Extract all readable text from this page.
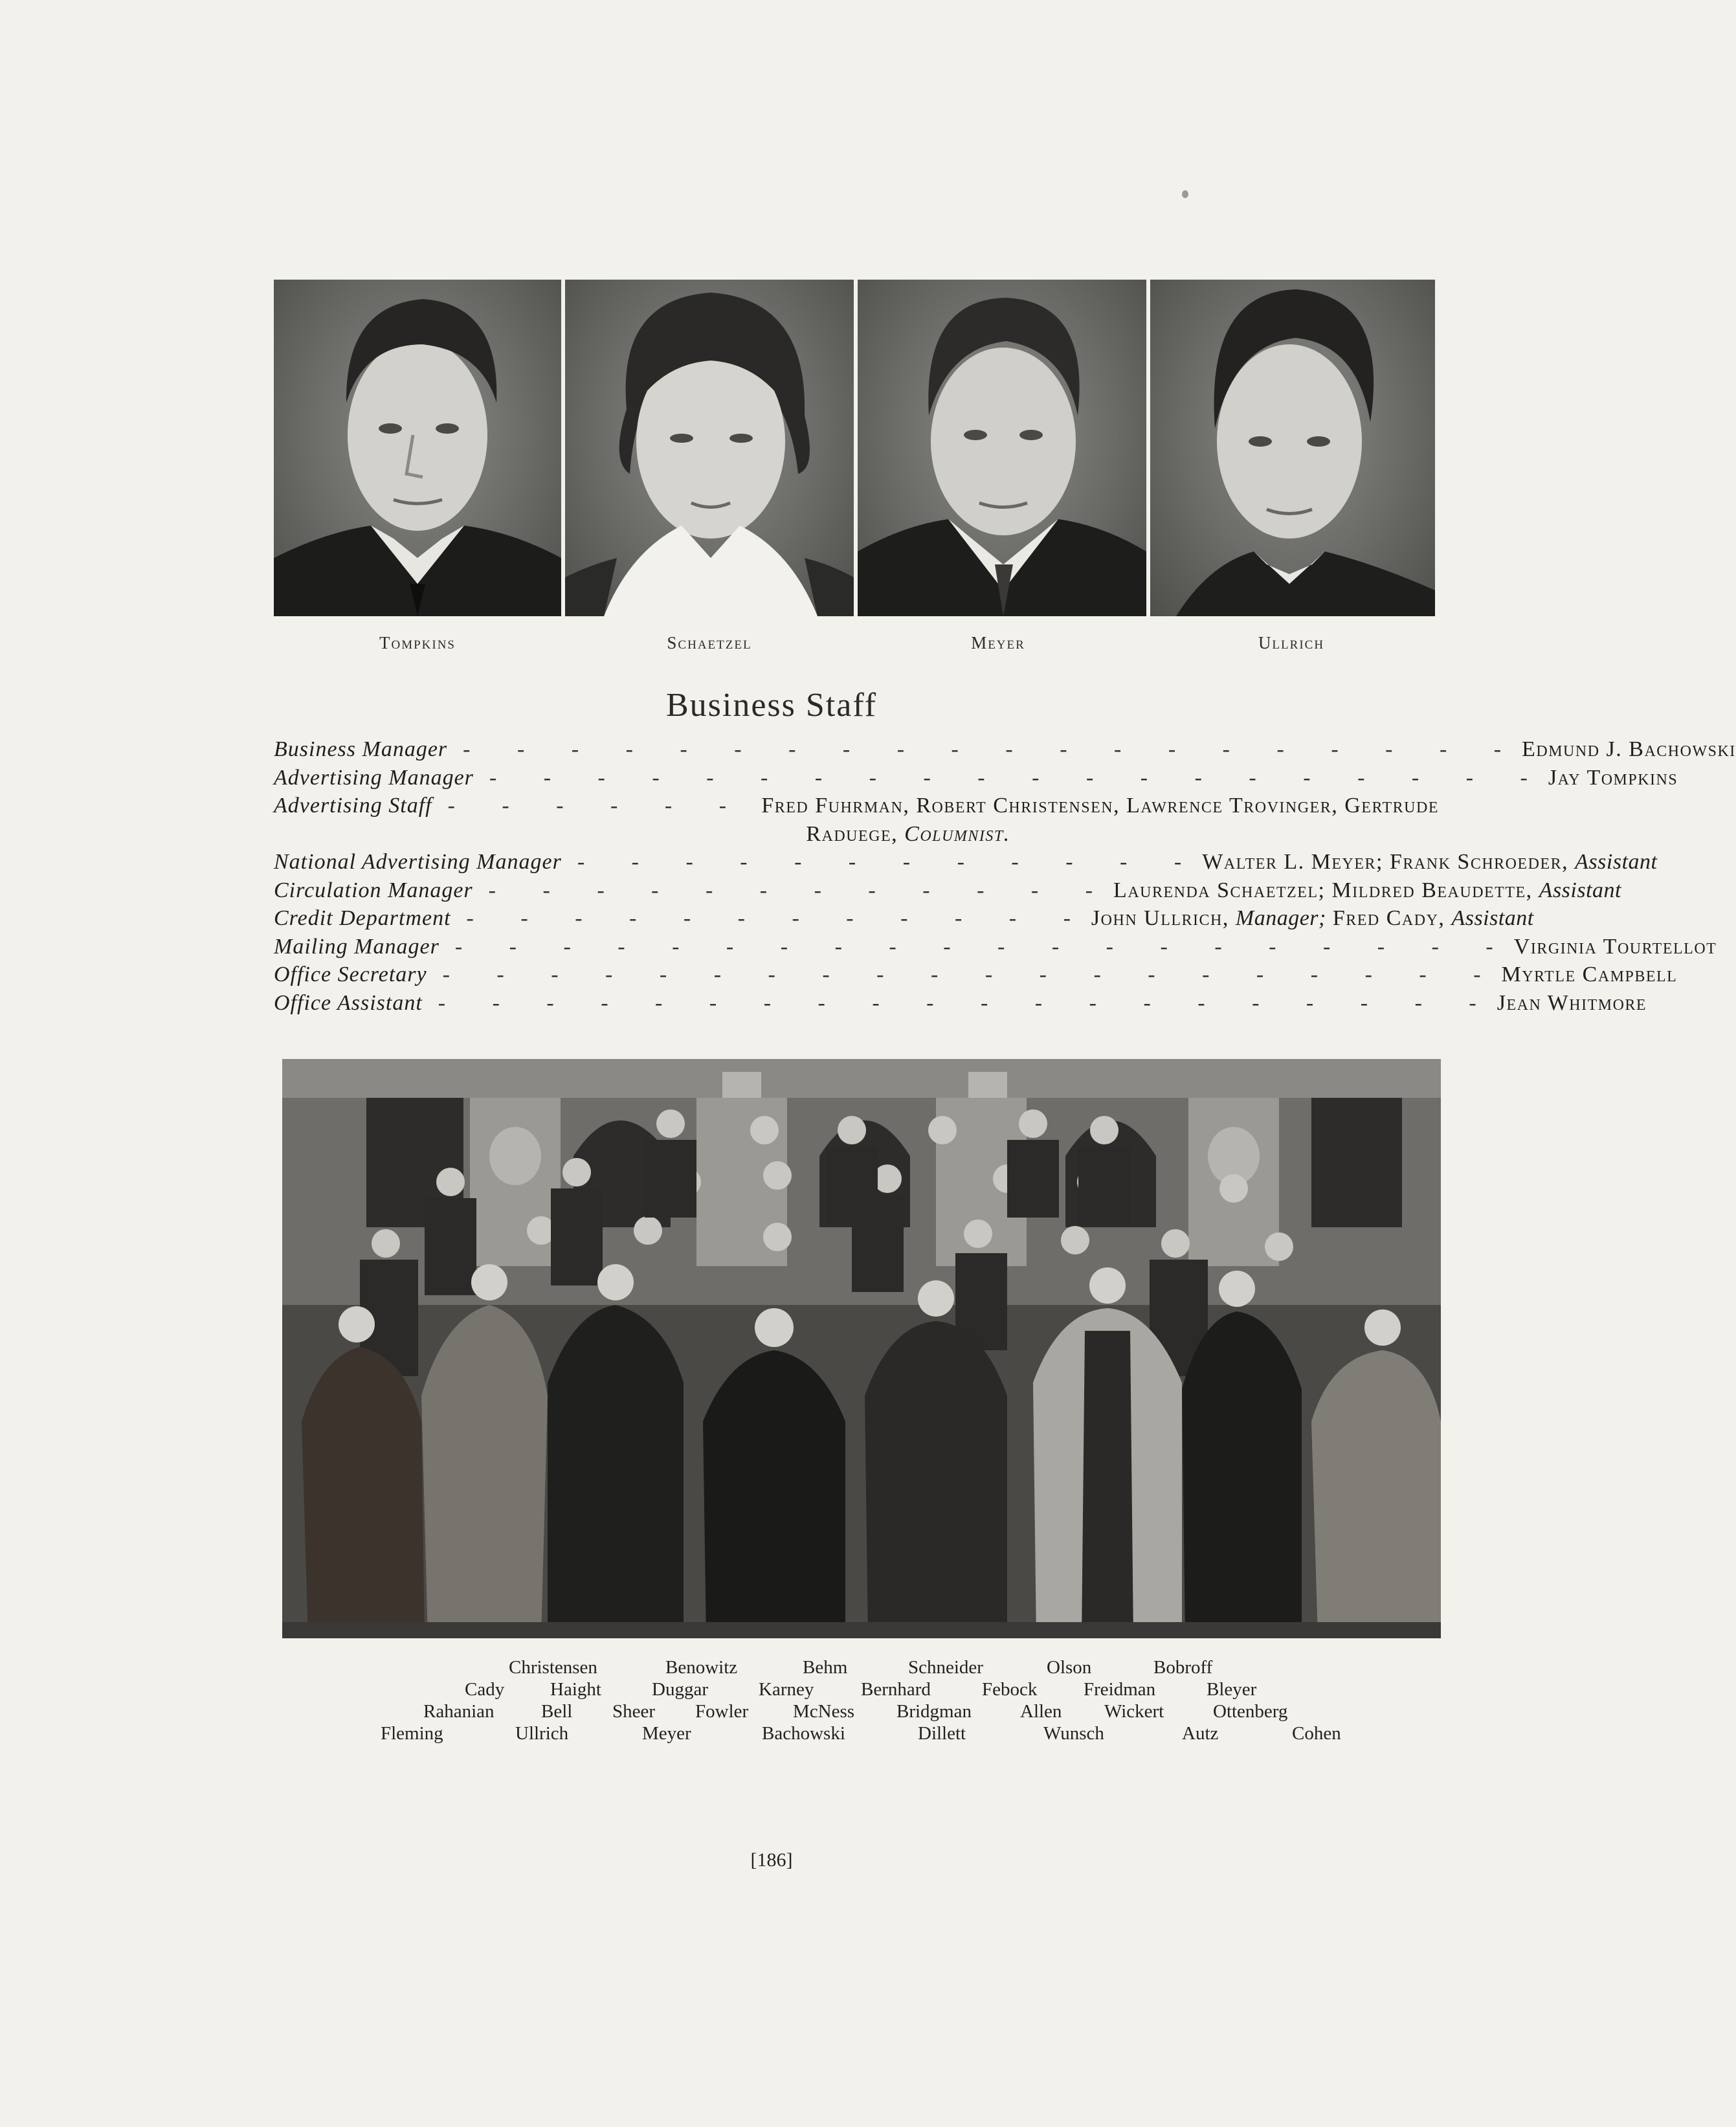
Tompkins	Schaetzel	Meyer	Ullrich
Business Staff
Business Manager - - - - - - - - - - - - - - - - - - - - Edmund J. Bachowski
Advertising Manager - - - - - - - - - - - - - - - - - - - - Jay Tompkins
Advertising Staff - - - - - - Fred Fuhrman, Robert Christensen, Lawrence Trovinger, Gertrude
Raduege, Columnist.
National Advertising Manager - - - - - - - - - - - - Walter L. Meyer; Frank Schroeder, Assistant
Circulation Manager - - - - - - - - - - - - Laurenda Schaetzel; Mildred Beaudette, Assistant
Credit Department - - - - - - - - - - - - John Ullrich, Manager; Fred Cady, Assistant
Mailing Manager - - - - - - - - - - - - - - - - - - - - Virginia Tourtellot
Office Secretary - - - - - - - - - - - - - - - - - - - - Myrtle Campbell
Office Assistant - - - - - - - - - - - - - - - - - - - - Jean Whitmore
Christensen	Benowitz	Behm	Schneider	Olson	Bobroff
Cady Haight	Duggar	Karney	Bernhard	Febock Freidman	Bleyer
Rahanian Bell Sheer Fowler McNess Bridgman	Allen Wickert	Ottenberg
Fleming	Ullrich	Meyer	Bachowski	Dillett	Wunsch	Autz	Cohen
[186]
